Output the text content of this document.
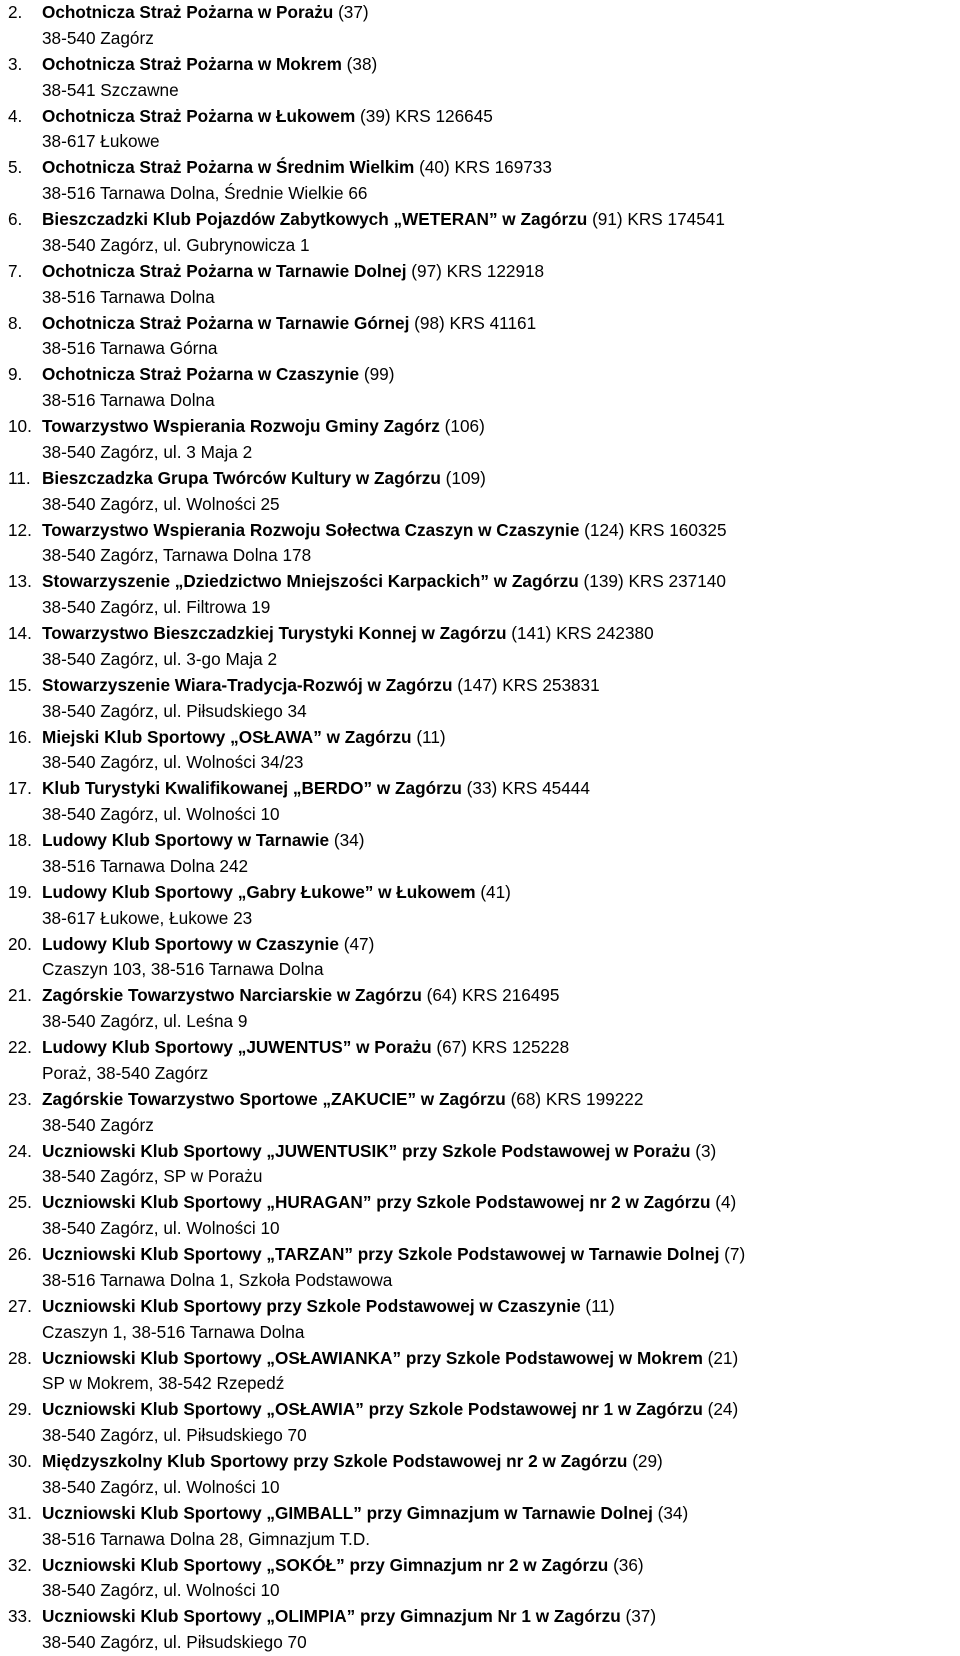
2. Ochotnicza Straż Pożarna w Porażu (37)
38-540 Zagórz
3. Ochotnicza Straż Pożarna w Mokrem (38)
38-541 Szczawne
4. Ochotnicza Straż Pożarna w Łukowem (39) KRS 126645
38-617 Łukowe
5. Ochotnicza Straż Pożarna w Średnim Wielkim (40) KRS 169733
38-516 Tarnawa Dolna, Średnie Wielkie 66
6. Bieszczadzki Klub Pojazdów Zabytkowych „WETERAN” w Zagórzu (91) KRS 174541
38-540 Zagórz, ul. Gubrynowicza 1
7. Ochotnicza Straż Pożarna w Tarnawie Dolnej (97) KRS 122918
38-516 Tarnawa Dolna
8. Ochotnicza Straż Pożarna w Tarnawie Górnej (98) KRS 41161
38-516 Tarnawa Górna
9. Ochotnicza Straż Pożarna w Czaszynie (99)
38-516 Tarnawa Dolna
10. Towarzystwo Wspierania Rozwoju Gminy Zagórz (106)
38-540 Zagórz, ul. 3 Maja 2
11. Bieszczadzka Grupa Twórców Kultury w Zagórzu (109)
38-540 Zagórz, ul. Wolności 25
12. Towarzystwo Wspierania Rozwoju Sołectwa Czaszyn w Czaszynie (124) KRS 160325
38-540 Zagórz, Tarnawa Dolna 178
13. Stowarzyszenie „Dziedzictwo Mniejszości Karpackich” w Zagórzu (139) KRS 237140
38-540 Zagórz, ul. Filtrowa 19
14. Towarzystwo Bieszczadzkiej Turystyki Konnej w Zagórzu (141) KRS 242380
38-540 Zagórz, ul. 3-go Maja 2
15. Stowarzyszenie Wiara-Tradycja-Rozwój w Zagórzu (147) KRS 253831
38-540 Zagórz, ul. Piłsudskiego 34
16. Miejski Klub Sportowy „OSŁAWA” w Zagórzu (11)
38-540 Zagórz, ul. Wolności 34/23
17. Klub Turystyki Kwalifikowanej „BERDO” w Zagórzu (33) KRS 45444
38-540 Zagórz, ul. Wolności 10
18. Ludowy Klub Sportowy w Tarnawie (34)
38-516 Tarnawa Dolna 242
19. Ludowy Klub Sportowy „Gabry Łukowe” w Łukowem (41)
38-617 Łukowe, Łukowe 23
20. Ludowy Klub Sportowy w Czaszynie (47)
Czaszyn 103, 38-516 Tarnawa Dolna
21. Zagórskie Towarzystwo Narciarskie w Zagórzu (64) KRS 216495
38-540 Zagórz, ul. Leśna 9
22. Ludowy Klub Sportowy „JUWENTUS” w Porażu (67) KRS 125228
Poraż, 38-540 Zagórz
23. Zagórskie Towarzystwo Sportowe „ZAKUCIE” w Zagórzu (68) KRS 199222
38-540 Zagórz
24. Uczniowski Klub Sportowy „JUWENTUSIK” przy Szkole Podstawowej w Porażu (3)
38-540 Zagórz, SP w Porażu
25. Uczniowski Klub Sportowy „HURAGAN” przy Szkole Podstawowej nr 2 w Zagórzu (4)
38-540 Zagórz, ul. Wolności 10
26. Uczniowski Klub Sportowy „TARZAN” przy Szkole Podstawowej w Tarnawie Dolnej (7)
38-516 Tarnawa Dolna 1, Szkoła Podstawowa
27. Uczniowski Klub Sportowy przy Szkole Podstawowej w Czaszynie (11)
Czaszyn 1, 38-516 Tarnawa Dolna
28. Uczniowski Klub Sportowy „OSŁAWIANKA” przy Szkole Podstawowej w Mokrem (21)
SP w Mokrem, 38-542 Rzepedź
29. Uczniowski Klub Sportowy „OSŁAWIA” przy Szkole Podstawowej nr 1 w Zagórzu (24)
38-540 Zagórz, ul. Piłsudskiego 70
30. Międzyszkolny Klub Sportowy przy Szkole Podstawowej nr 2 w Zagórzu (29)
38-540 Zagórz, ul. Wolności 10
31. Uczniowski Klub Sportowy „GIMBALL” przy Gimnazjum w Tarnawie Dolnej (34)
38-516 Tarnawa Dolna 28, Gimnazjum T.D.
32. Uczniowski Klub Sportowy „SOKÓŁ” przy Gimnazjum nr 2 w Zagórzu (36)
38-540 Zagórz, ul. Wolności 10
33. Uczniowski Klub Sportowy „OLIMPIA” przy Gimnazjum Nr 1 w Zagórzu (37)
38-540 Zagórz, ul. Piłsudskiego 70
